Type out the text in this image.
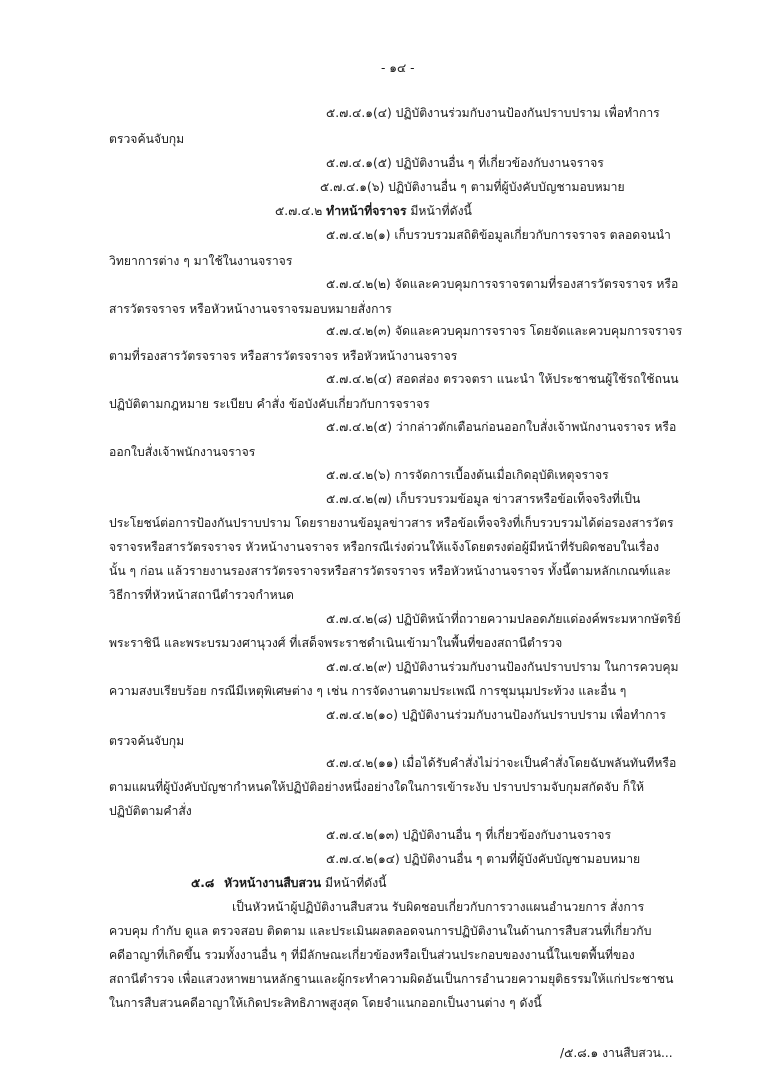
- ๑๔ -
๕.๗.๔.๑(๔) ปฏิบัติงานร่วมกับงานป้องกันปราบปราม เพื่อทำการ
ตรวจค้นจับกุม
๕.๗.๔.๑(๕) ปฏิบัติงานอื่น ๆ ที่เกี่ยวข้องกับงานจราจร
๕.๗.๔.๑(๖) ปฏิบัติงานอื่น ๆ ตามที่ผู้บังคับบัญชามอบหมาย
๕.๗.๔.๒ ทำหน้าที่จราจร มีหน้าที่ดังนี้
๕.๗.๔.๒(๑) เก็บรวบรวมสถิติข้อมูลเกี่ยวกับการจราจร ตลอดจนนำ
วิทยาการต่าง ๆ มาใช้ในงานจราจร
๕.๗.๔.๒(๒) จัดและควบคุมการจราจรตามที่รองสารวัตรจราจร หรือ
สารวัตรจราจร หรือหัวหน้างานจราจรมอบหมายสั่งการ
๕.๗.๔.๒(๓) จัดและควบคุมการจราจร โดยจัดและควบคุมการจราจร
ตามที่รองสารวัตรจราจร หรือสารวัตรจราจร หรือหัวหน้างานจราจร
๕.๗.๔.๒(๔) สอดส่อง ตรวจตรา แนะนำ ให้ประชาชนผู้ใช้รถใช้ถนน
ปฏิบัติตามกฎหมาย ระเบียบ คำสั่ง ข้อบังคับเกี่ยวกับการจราจร
๕.๗.๔.๒(๕) ว่ากล่าวตักเตือนก่อนออกใบสั่งเจ้าพนักงานจราจร หรือ
ออกใบสั่งเจ้าพนักงานจราจร
๕.๗.๔.๒(๖) การจัดการเบื้องต้นเมื่อเกิดอุบัติเหตุจราจร
๕.๗.๔.๒(๗) เก็บรวบรวมข้อมูล ข่าวสารหรือข้อเท็จจริงที่เป็น
ประโยชน์ต่อการป้องกันปราบปราม โดยรายงานข้อมูลข่าวสาร หรือข้อเท็จจริงที่เก็บรวบรวมได้ต่อรองสารวัตร
จราจรหรือสารวัตรจราจร หัวหน้างานจราจร หรือกรณีเร่งด่วนให้แจ้งโดยตรงต่อผู้มีหน้าที่รับผิดชอบในเรื่อง
นั้น ๆ ก่อน แล้วรายงานรองสารวัตรจราจรหรือสารวัตรจราจร หรือหัวหน้างานจราจร ทั้งนี้ตามหลักเกณฑ์และ
วิธีการที่หัวหน้าสถานีตำรวจกำหนด
๕.๗.๔.๒(๘) ปฏิบัติหน้าที่ถวายความปลอดภัยแด่องค์พระมหากษัตริย์
พระราชินี และพระบรมวงศานุวงศ์ ที่เสด็จพระราชดำเนินเข้ามาในพื้นที่ของสถานีตำรวจ
๕.๗.๔.๒(๙) ปฏิบัติงานร่วมกับงานป้องกันปราบปราม ในการควบคุม
ความสงบเรียบร้อย กรณีมีเหตุพิเศษต่าง ๆ เช่น การจัดงานตามประเพณี การชุมนุมประท้วง และอื่น ๆ
๕.๗.๔.๒(๑๐) ปฏิบัติงานร่วมกับงานป้องกันปราบปราม เพื่อทำการ
ตรวจค้นจับกุม
๕.๗.๔.๒(๑๑) เมื่อได้รับคำสั่งไม่ว่าจะเป็นคำสั่งโดยฉับพลันทันทีหรือ
ตามแผนที่ผู้บังคับบัญชากำหนดให้ปฏิบัติอย่างหนึ่งอย่างใดในการเข้าระงับ ปราบปรามจับกุมสกัดจับ ก็ให้
ปฏิบัติตามคำสั่ง
๕.๗.๔.๒(๑๓) ปฏิบัติงานอื่น ๆ ที่เกี่ยวข้องกับงานจราจร
๕.๗.๔.๒(๑๔) ปฏิบัติงานอื่น ๆ ตามที่ผู้บังคับบัญชามอบหมาย
๕.๘ หัวหน้างานสืบสวน มีหน้าที่ดังนี้
เป็นหัวหน้าผู้ปฏิบัติงานสืบสวน รับผิดชอบเกี่ยวกับการวางแผนอำนวยการ สั่งการ
ควบคุม กำกับ ดูแล ตรวจสอบ ติดตาม และประเมินผลตลอดจนการปฏิบัติงานในด้านการสืบสวนที่เกี่ยวกับ
คดีอาญาที่เกิดขึ้น รวมทั้งงานอื่น ๆ ที่มีลักษณะเกี่ยวข้องหรือเป็นส่วนประกอบของงานนี้ในเขตพื้นที่ของ
สถานีตำรวจ เพื่อแสวงหาพยานหลักฐานและผู้กระทำความผิดอันเป็นการอำนวยความยุติธรรมให้แก่ประชาชน
ในการสืบสวนคดีอาญาให้เกิดประสิทธิภาพสูงสุด โดยจำแนกออกเป็นงานต่าง ๆ ดังนี้
/๕.๘.๑ งานสืบสวน...
